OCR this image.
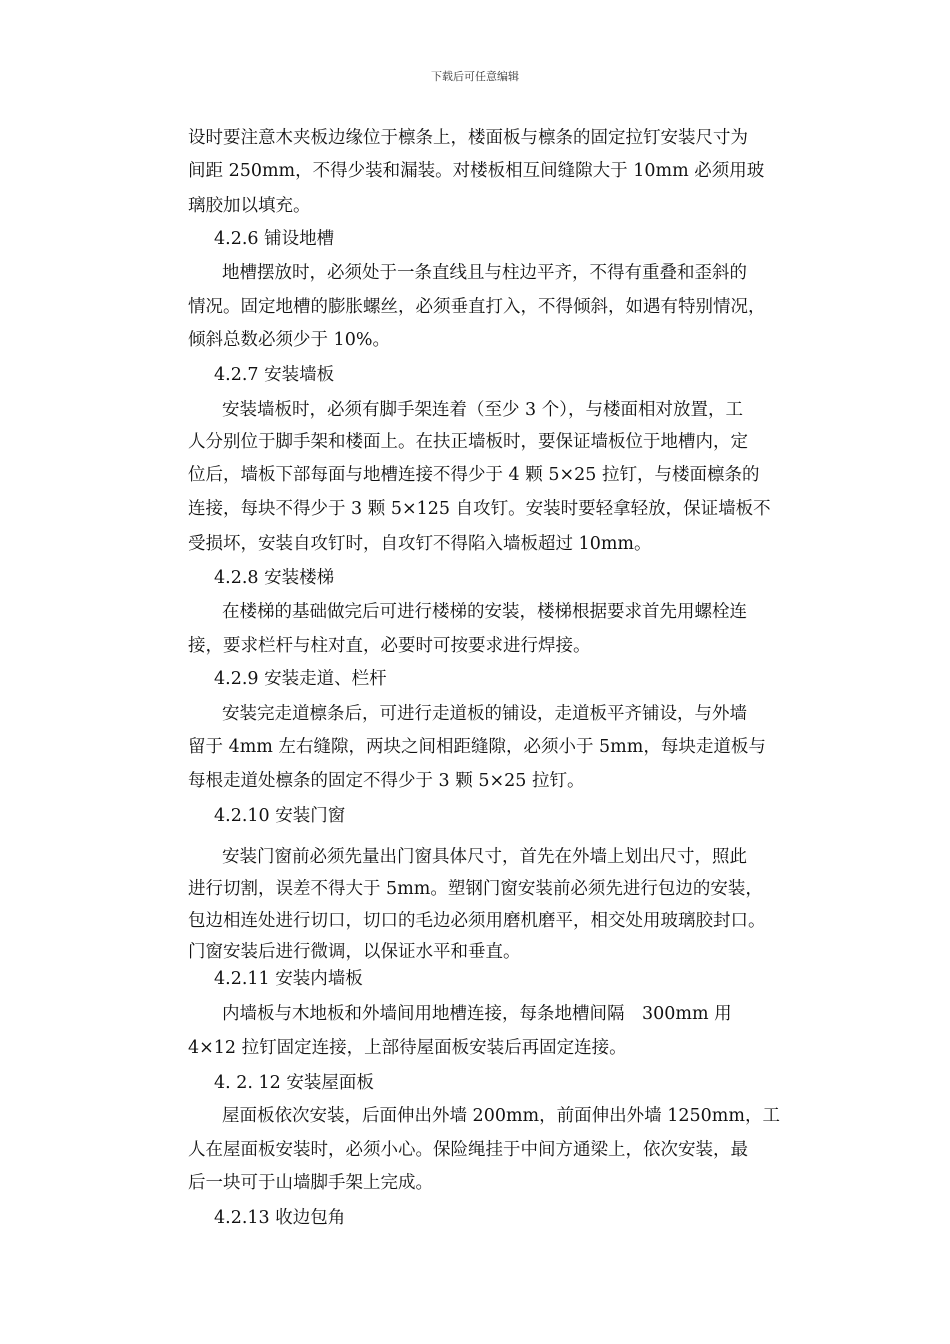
下载后可任意编辑
设时要注意木夹板边缘位于檩条上，楼面板与檩条的固定拉钉安装尺寸为
间距 250mm，不得少装和漏装。对楼板相互间缝隙大于 10mm 必须用玻
璃胶加以填充。
4.2.6 铺设地槽
地槽摆放时，必须处于一条直线且与柱边平齐，不得有重叠和歪斜的
情况。固定地槽的膨胀螺丝，必须垂直打入，不得倾斜，如遇有特别情况，
倾斜总数必须少于 10%。
4.2.7 安装墙板
安装墙板时，必须有脚手架连着（至少 3 个），与楼面相对放置，工
人分别位于脚手架和楼面上。在扶正墙板时，要保证墙板位于地槽内，定
位后，墙板下部每面与地槽连接不得少于 4 颗 5×25 拉钉，与楼面檩条的
连接，每块不得少于 3 颗 5×125 自攻钉。安装时要轻拿轻放，保证墙板不
受损坏，安装自攻钉时，自攻钉不得陷入墙板超过 10mm。
4.2.8 安装楼梯
在楼梯的基础做完后可进行楼梯的安装，楼梯根据要求首先用螺栓连
接，要求栏杆与柱对直，必要时可按要求进行焊接。
4.2.9 安装走道、栏杆
安装完走道檩条后，可进行走道板的铺设，走道板平齐铺设，与外墙
留于 4mm 左右缝隙，两块之间相距缝隙，必须小于 5mm，每块走道板与
每根走道处檩条的固定不得少于 3 颗 5×25 拉钉。
4.2.10 安装门窗
安装门窗前必须先量出门窗具体尺寸，首先在外墙上划出尺寸，照此
进行切割，误差不得大于 5mm。塑钢门窗安装前必须先进行包边的安装，
包边相连处进行切口，切口的毛边必须用磨机磨平，相交处用玻璃胶封口。
门窗安装后进行微调，以保证水平和垂直。
4.2.11 安装内墙板
内墙板与木地板和外墙间用地槽连接，每条地槽间隔　300mm 用
4×12 拉钉固定连接，上部待屋面板安装后再固定连接。
4. 2. 12 安装屋面板
屋面板依次安装，后面伸出外墙 200mm，前面伸出外墙 1250mm，工
人在屋面板安装时，必须小心。保险绳挂于中间方通梁上，依次安装，最
后一块可于山墙脚手架上完成。
4.2.13 收边包角
